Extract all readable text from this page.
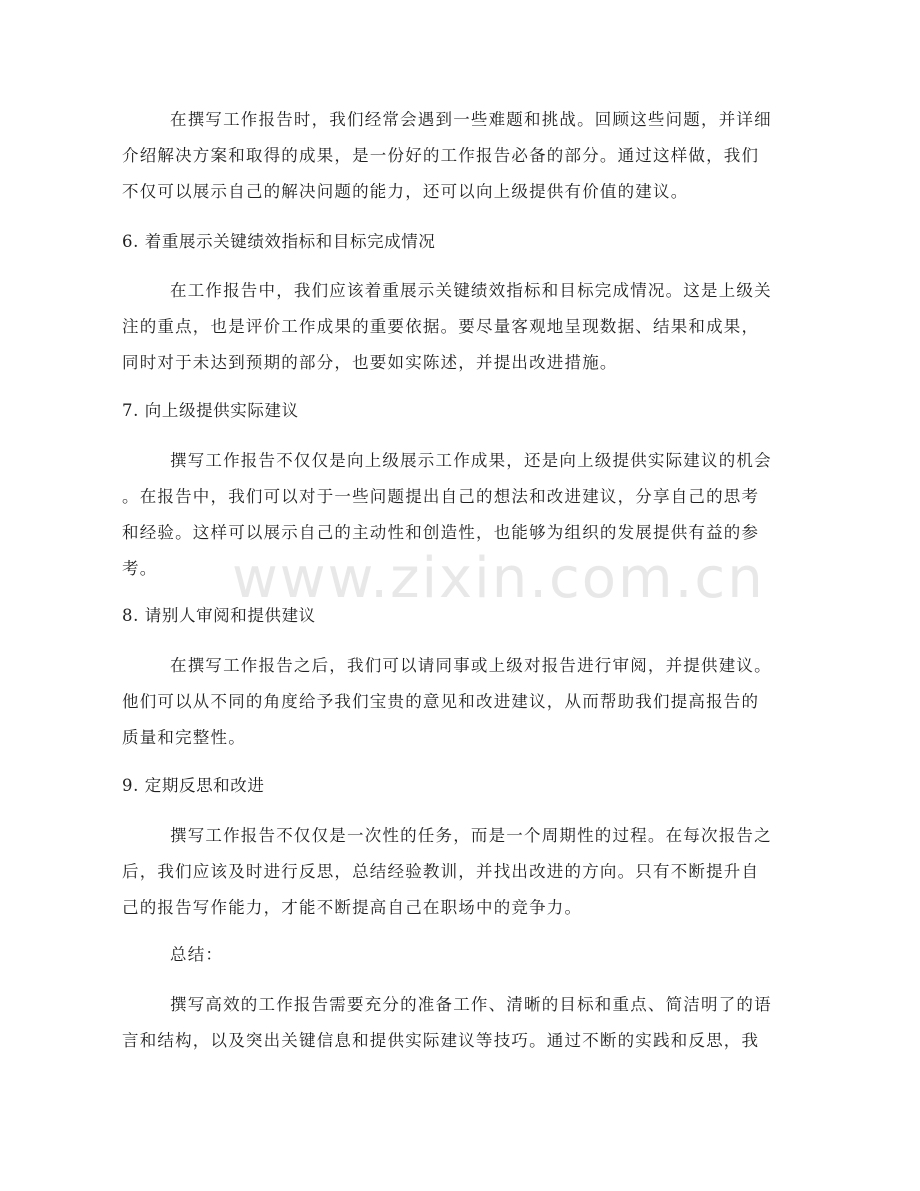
在撰写工作报告时，我们经常会遇到一些难题和挑战。回顾这些问题，并详细
介绍解决方案和取得的成果，是一份好的工作报告必备的部分。通过这样做，我们
不仅可以展示自己的解决问题的能力，还可以向上级提供有价值的建议。
6. 着重展示关键绩效指标和目标完成情况
在工作报告中，我们应该着重展示关键绩效指标和目标完成情况。这是上级关
注的重点，也是评价工作成果的重要依据。要尽量客观地呈现数据、结果和成果，
同时对于未达到预期的部分，也要如实陈述，并提出改进措施。
7. 向上级提供实际建议
撰写工作报告不仅仅是向上级展示工作成果，还是向上级提供实际建议的机会
。在报告中，我们可以对于一些问题提出自己的想法和改进建议，分享自己的思考
和经验。这样可以展示自己的主动性和创造性，也能够为组织的发展提供有益的参
考。
8. 请别人审阅和提供建议
在撰写工作报告之后，我们可以请同事或上级对报告进行审阅，并提供建议。
他们可以从不同的角度给予我们宝贵的意见和改进建议，从而帮助我们提高报告的
质量和完整性。
9. 定期反思和改进
撰写工作报告不仅仅是一次性的任务，而是一个周期性的过程。在每次报告之
后，我们应该及时进行反思，总结经验教训，并找出改进的方向。只有不断提升自
己的报告写作能力，才能不断提高自己在职场中的竞争力。
总结：
撰写高效的工作报告需要充分的准备工作、清晰的目标和重点、简洁明了的语
言和结构，以及突出关键信息和提供实际建议等技巧。通过不断的实践和反思，我
www.zixin.com.cn
